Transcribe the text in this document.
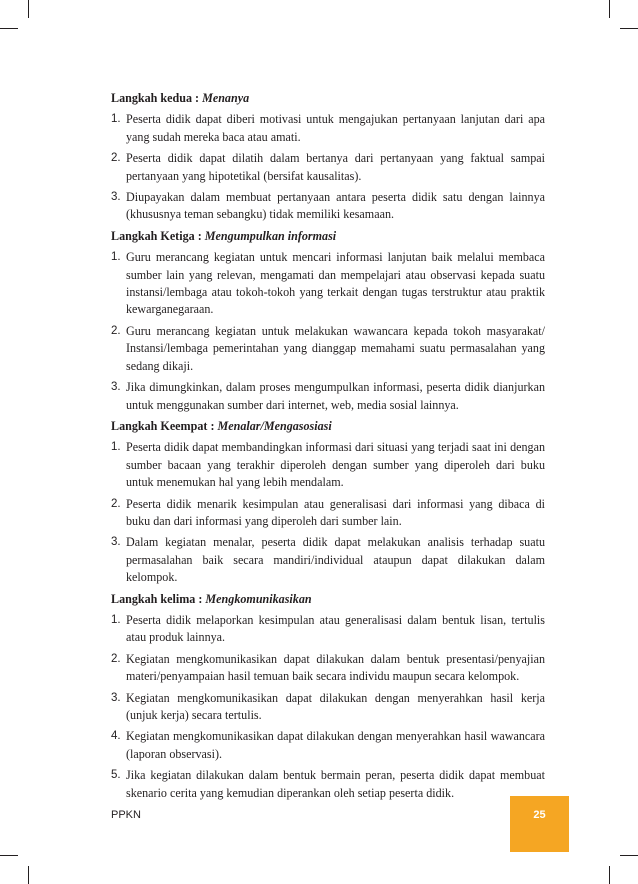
Langkah kedua : Menanya
1. Peserta didik dapat diberi motivasi untuk mengajukan pertanyaan lanjutan dari apa yang sudah mereka baca atau amati.
2. Peserta didik dapat dilatih dalam bertanya dari pertanyaan yang faktual sampai pertanyaan yang hipotetikal (bersifat kausalitas).
3. Diupayakan dalam membuat pertanyaan antara peserta didik satu dengan lainnya (khususnya teman sebangku) tidak memiliki kesamaan.
Langkah Ketiga : Mengumpulkan informasi
1. Guru merancang kegiatan untuk mencari informasi lanjutan baik melalui membaca sumber lain yang relevan, mengamati dan mempelajari atau observasi kepada suatu instansi/lembaga atau tokoh-tokoh yang terkait dengan tugas terstruktur atau praktik kewarganegaraan.
2. Guru merancang kegiatan untuk melakukan wawancara kepada tokoh masyarakat/ Instansi/lembaga pemerintahan yang dianggap memahami suatu permasalahan yang sedang dikaji.
3. Jika dimungkinkan, dalam proses mengumpulkan informasi, peserta didik dianjurkan untuk menggunakan sumber dari internet, web, media sosial lainnya.
Langkah Keempat : Menalar/Mengasosiasi
1. Peserta didik dapat membandingkan informasi dari situasi yang terjadi saat ini dengan sumber bacaan yang terakhir diperoleh dengan sumber yang diperoleh dari buku untuk menemukan hal yang lebih mendalam.
2. Peserta didik menarik kesimpulan atau generalisasi dari informasi yang dibaca di buku dan dari informasi yang diperoleh dari sumber lain.
3. Dalam kegiatan menalar, peserta didik dapat melakukan analisis terhadap suatu permasalahan baik secara mandiri/individual ataupun dapat dilakukan dalam kelompok.
Langkah kelima : Mengkomunikasikan
1. Peserta didik melaporkan kesimpulan atau generalisasi dalam bentuk lisan, tertulis atau produk lainnya.
2. Kegiatan mengkomunikasikan dapat dilakukan dalam bentuk presentasi/penyajian materi/penyampaian hasil temuan baik secara individu maupun secara kelompok.
3. Kegiatan mengkomunikasikan dapat dilakukan dengan menyerahkan hasil kerja (unjuk kerja) secara tertulis.
4. Kegiatan mengkomunikasikan dapat dilakukan dengan menyerahkan hasil wawancara (laporan observasi).
5. Jika kegiatan dilakukan dalam bentuk bermain peran, peserta didik dapat membuat skenario cerita yang kemudian diperankan oleh setiap peserta didik.
PPKN	25
